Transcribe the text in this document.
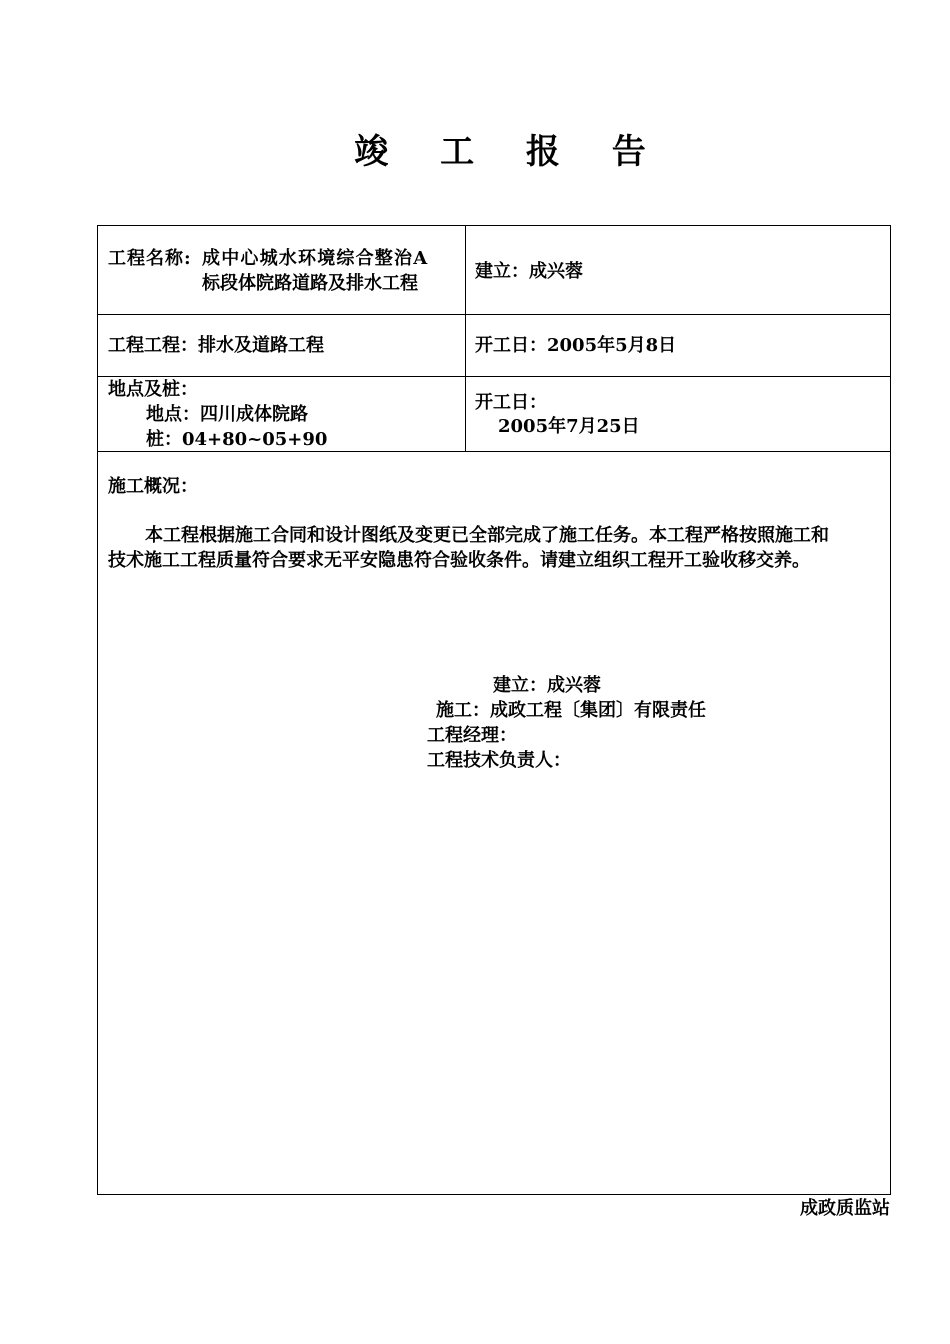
竣 工 报 告
工程名称: 成中心城水环境综合整治A
标段体院路道路及排水工程
建立：成兴蓉
工程工程：排水及道路工程	开工日：2005年5月8日
地点及桩：
地点：四川成体院路
桩：04+80~05+90
开工日：
2005年7月25日
施工概况：
本工程根据施工合同和设计图纸及变更已全部完成了施工任务。本工程严格按照施工和
技术施工工程质量符合要求无平安隐患符合验收条件。请建立组织工程开工验收移交养。
建立：成兴蓉
施工：成政工程〔集团〕有限责任
工程经理：
工程技术负责人：
成政质监站
